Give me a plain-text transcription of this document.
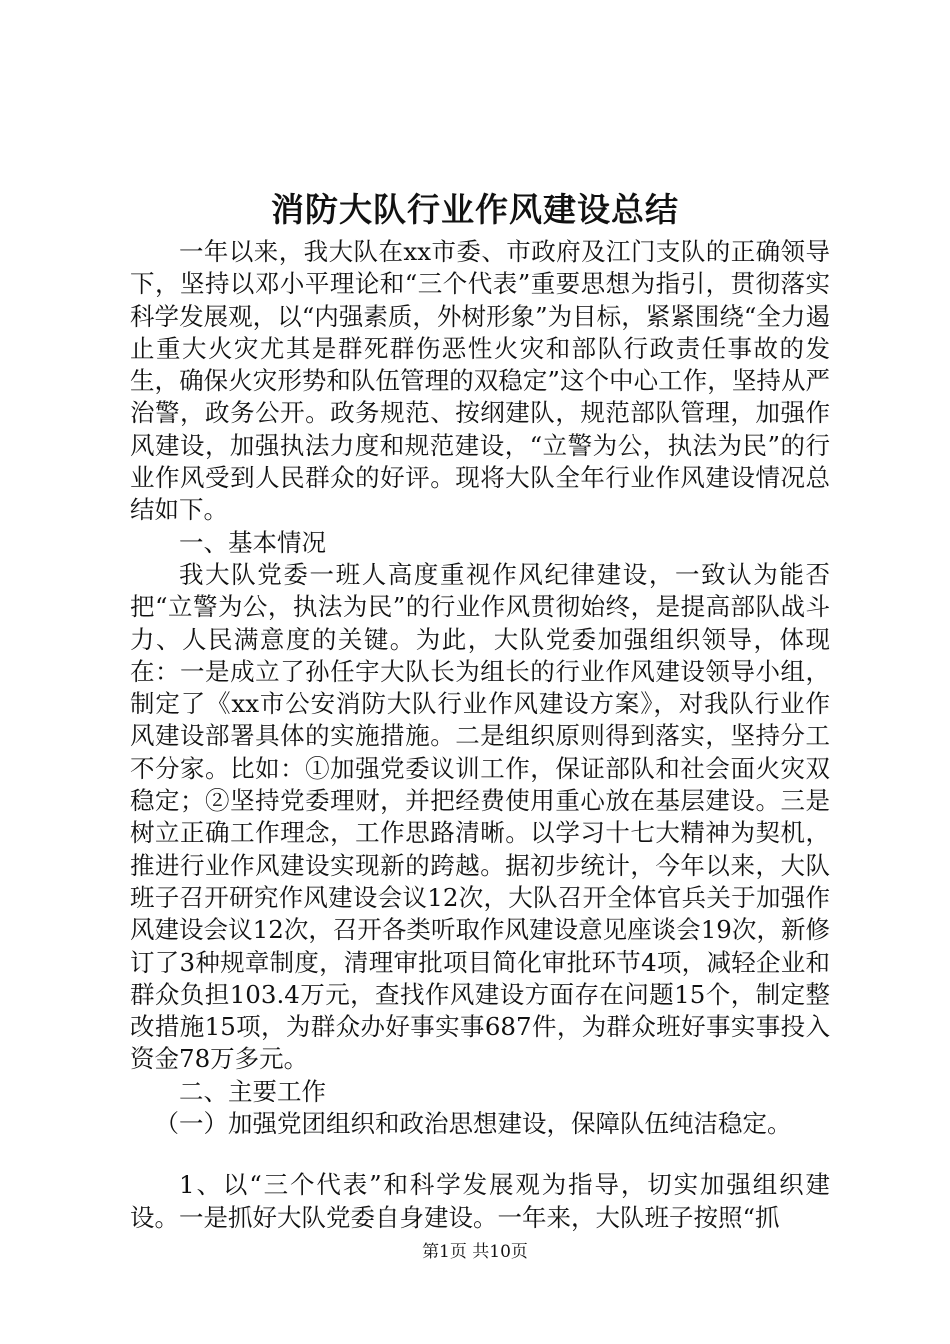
消防大队行业作风建设总结

一年以来，我大队在xx市委、市政府及江门支队的正确领导下，坚持以邓小平理论和“三个代表”重要思想为指引，贯彻落实科学发展观，以“内强素质，外树形象”为目标，紧紧围绕“全力遏止重大火灾尤其是群死群伤恶性火灾和部队行政责任事故的发生，确保火灾形势和队伍管理的双稳定”这个中心工作，坚持从严治警，政务公开。政务规范、按纲建队，规范部队管理，加强作风建设，加强执法力度和规范建设，“立警为公，执法为民”的行业作风受到人民群众的好评。现将大队全年行业作风建设情况总结如下。

一、基本情况

我大队党委一班人高度重视作风纪律建设，一致认为能否把“立警为公，执法为民”的行业作风贯彻始终，是提高部队战斗力、人民满意度的关键。为此，大队党委加强组织领导，体现在：一是成立了孙任宇大队长为组长的行业作风建设领导小组，制定了《xx市公安消防大队行业作风建设方案》，对我队行业作风建设部署具体的实施措施。二是组织原则得到落实，坚持分工不分家。比如：①加强党委议训工作，保证部队和社会面火灾双稳定；②坚持党委理财，并把经费使用重心放在基层建设。三是树立正确工作理念，工作思路清晰。以学习十七大精神为契机，推进行业作风建设实现新的跨越。据初步统计，今年以来，大队班子召开研究作风建设会议12次，大队召开全体官兵关于加强作风建设会议12次，召开各类听取作风建设意见座谈会19次，新修订了3种规章制度，清理审批项目简化审批环节4项，减轻企业和群众负担103.4万元，查找作风建设方面存在问题15个，制定整改措施15项，为群众办好事实事687件，为群众班好事实事投入资金78万多元。

二、主要工作

（一）加强党团组织和政治思想建设，保障队伍纯洁稳定。

1、以“三个代表”和科学发展观为指导，切实加强组织建设。一是抓好大队党委自身建设。一年来，大队班子按照“抓

第1页 共10页
